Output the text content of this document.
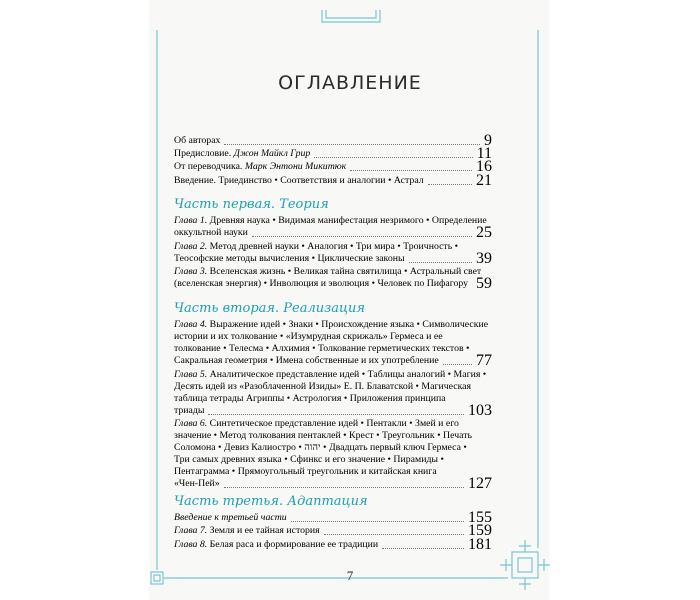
ОГЛАВЛЕНИЕ
7
Об авторах	9
Предисловие. Джон Майкл Грир	11
От переводчика. Марк Энтони Микитюк	16
Введение. Триединство • Соответствия и аналогии • Астрал	21
Часть первая. Теория
Глава 1. Древняя наука • Видимая манифестация незримого • Определение
оккультной науки	25
Глава 2. Метод древней науки • Аналогия • Три мира • Троичность •
Теософские методы вычисления • Циклические законы	39
Глава 3. Вселенская жизнь • Великая тайна святилища • Астральный свет
(вселенская энергия) • Инволюция и эволюция • Человек по Пифагору 59
Часть вторая. Реализация
Глава 4. Выражение идей • Знаки • Происхождение языка • Символические
истории и их толкование • «Изумрудная скрижаль» Гермеса и ее
толкование • Телесма • Алхимия • Толкование герметических текстов •
Сакральная геометрия • Имена собственные и их употребление 77
Глава 5. Аналитическое представление идей • Таблицы аналогий • Магия •
Десять идей из «Разоблаченной Изиды» Е. П. Блаватской • Магическая
таблица тетрады Агриппы • Астрология • Приложения принципа
триады	103
Глава 6. Синтетическое представление идей • Пентакли • Змей и его
значение • Метод толкования пентаклей • Крест • Треугольник • Печать
Соломона • Девиз Калиостро • יהוה • Двадцать первый ключ Гермеса •
Три самых древних языка • Сфинкс и его значение • Пирамиды •
Пентаграмма • Прямоугольный треугольник и китайская книга
«Чен-Пей»	127
Часть третья. Адаптация
Введение к третьей части	155
Глава 7. Земля и ее тайная история	159
Глава 8. Белая раса и формирование ее традиции	181
